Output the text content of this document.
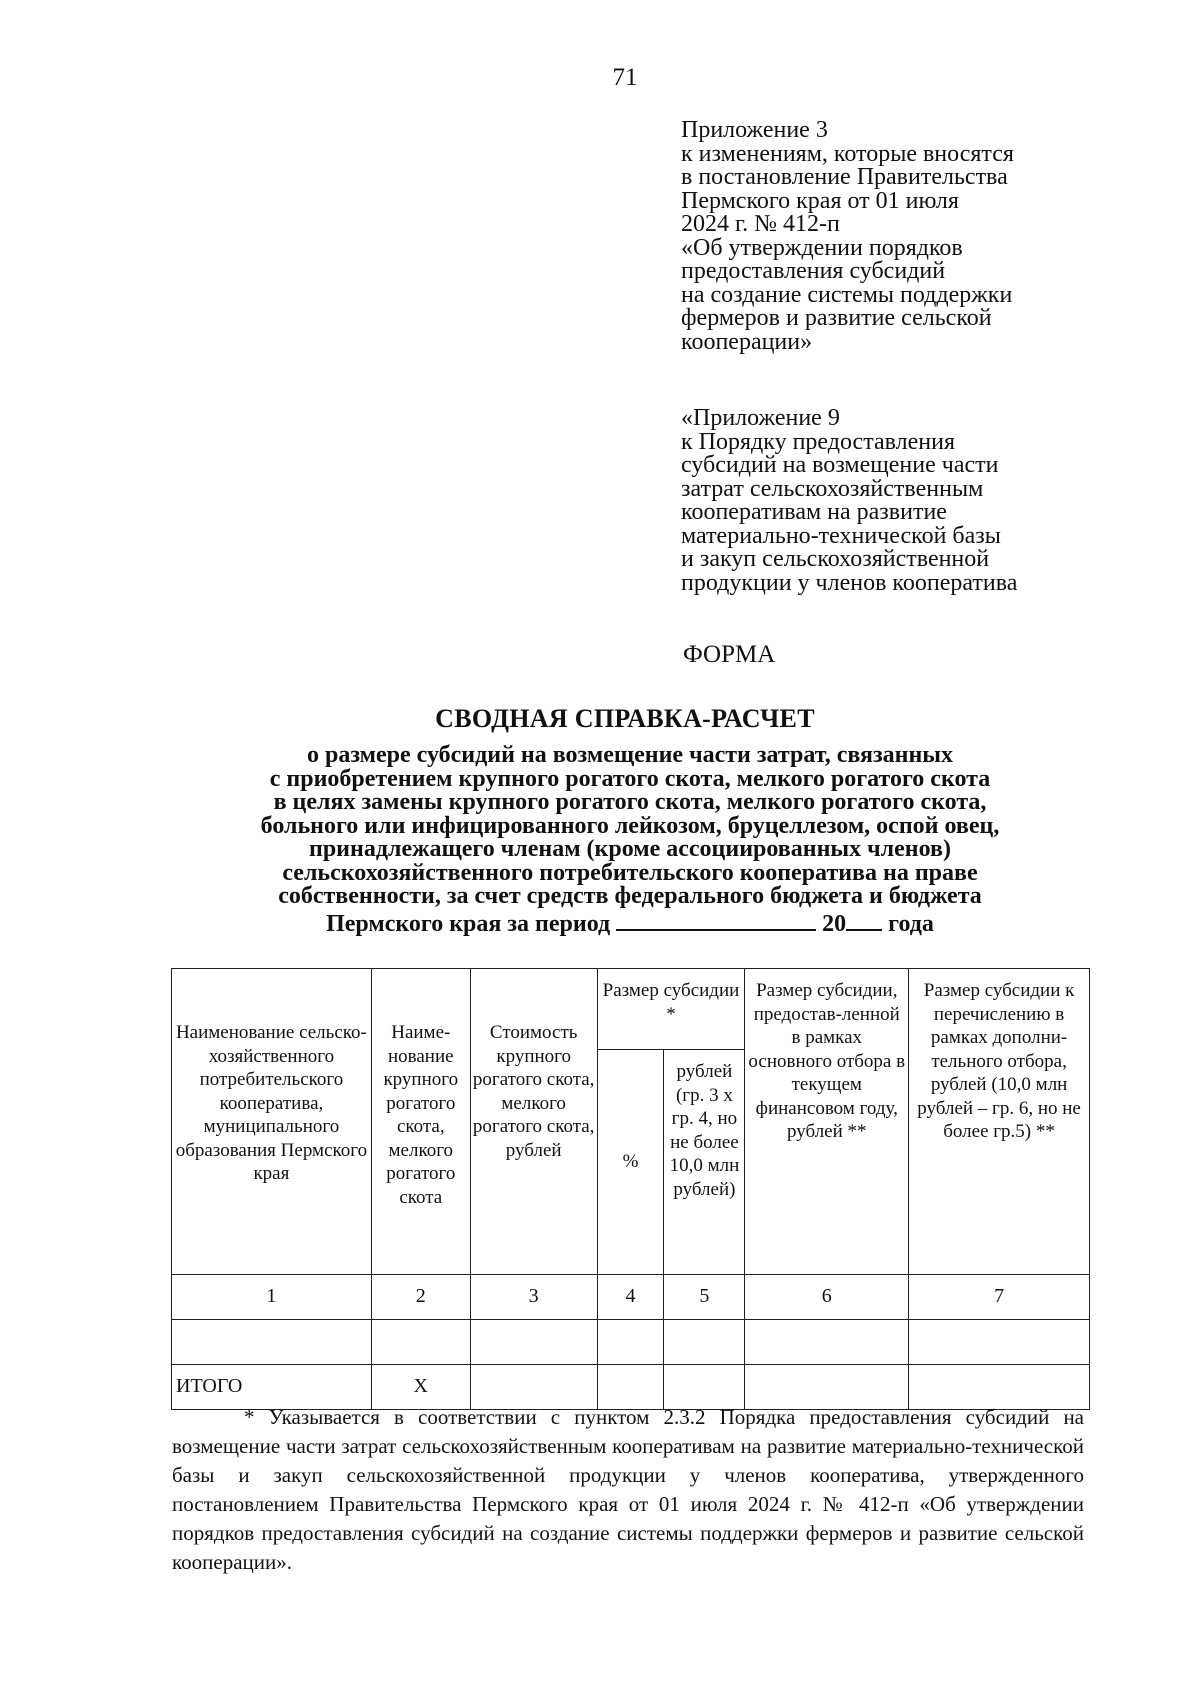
71
Приложение 3
к изменениям, которые вносятся
в постановление Правительства
Пермского края от 01 июля
2024 г. № 412-п
«Об утверждении порядков
предоставления субсидий
на создание системы поддержки
фермеров и развитие сельской
кооперации»
«Приложение 9
к Порядку предоставления
субсидий на возмещение части
затрат сельскохозяйственным
кооперативам на развитие
материально-технической базы
и закуп сельскохозяйственной
продукции у членов кооператива
ФОРМА
СВОДНАЯ СПРАВКА-РАСЧЕТ
о размере субсидий на возмещение части затрат, связанных
с приобретением крупного рогатого скота, мелкого рогатого скота
в целях замены крупного рогатого скота, мелкого рогатого скота,
больного или инфицированного лейкозом, бруцеллезом, оспой овец,
принадлежащего членам (кроме ассоциированных членов)
сельскохозяйственного потребительского кооператива на праве
собственности, за счет средств федерального бюджета и бюджета
Пермского края за период	20 года
Наименование сельско-хозяйственного потребительского кооператива, муниципального образования Пермского края	Наиме-нование крупного рогатого скота, мелкого рогатого скота	Стоимость крупного рогатого скота, мелкого рогатого скота, рублей	Размер субсидии *		Размер субсидии, предостав-ленной в рамках основного отбора в текущем финансовом году, рублей **	Размер субсидии к перечислению в рамках дополни-тельного отбора, рублей (10,0 млн рублей – гр. 6, но не более гр.5) **

			%	рублей (гр. 3 х гр. 4, но не более 10,0 млн рублей)		
1	2	3	4	5	6	7

ИТОГО	Х					

* Указывается в соответствии с пунктом 2.3.2 Порядка предоставления субсидий на возмещение части затрат сельскохозяйственным кооперативам на развитие материально-технической базы и закуп сельскохозяйственной продукции у членов кооператива, утвержденного постановлением Правительства Пермского края от 01 июля 2024 г. № 412-п «Об утверждении порядков предоставления субсидий на создание системы поддержки фермеров и развитие сельской кооперации».
